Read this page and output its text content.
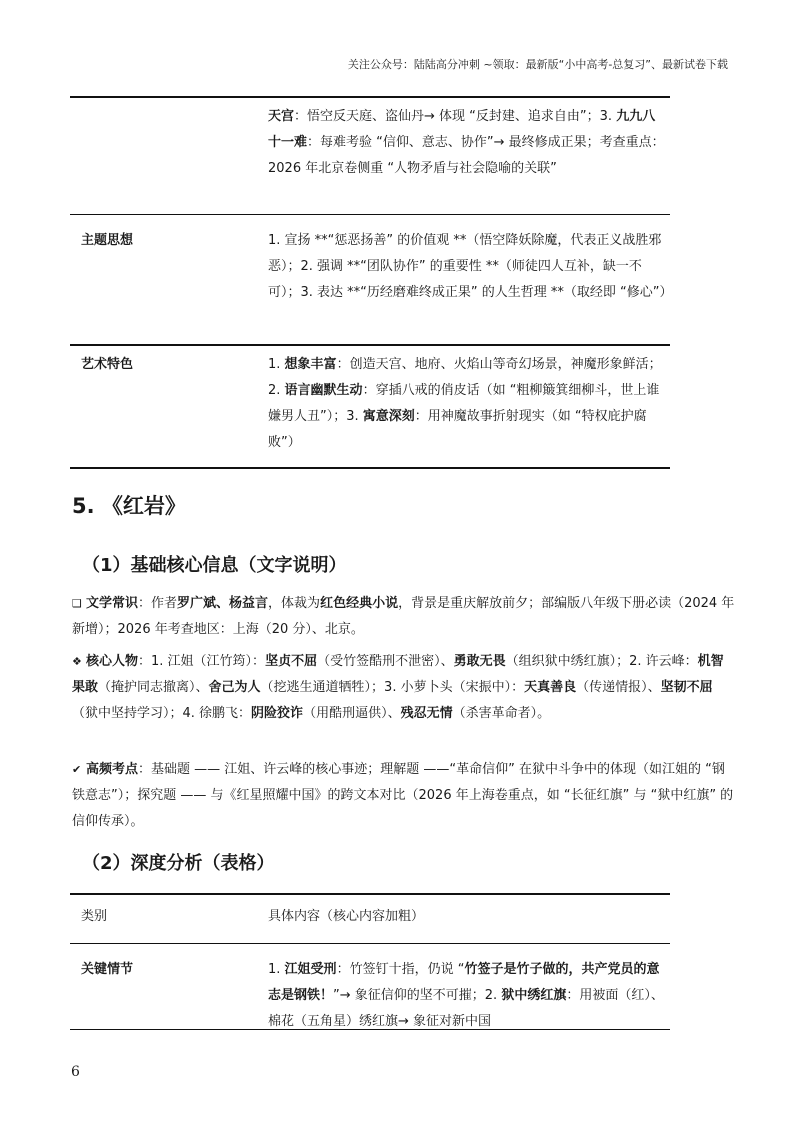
关注公众号：陆陆高分冲刺 ~领取：最新版“小中高考-总复习”、最新试卷下载
天宫：悟空反天庭、盗仙丹→ 体现 “反封建、追求自由”；3. 九九八十一难：每难考验 “信仰、意志、协作”→ 最终修成正果；考查重点：2026 年北京卷侧重 “人物矛盾与社会隐喻的关联”
主题思想	1. 宣扬 **“惩恶扬善” 的价值观 **（悟空降妖除魔，代表正义战胜邪恶）；2. 强调 **“团队协作” 的重要性 **（师徒四人互补，缺一不可）；3. 表达 **“历经磨难终成正果” 的人生哲理 **（取经即 “修心”）
艺术特色	1. 想象丰富：创造天宫、地府、火焰山等奇幻场景，神魔形象鲜活；2. 语言幽默生动：穿插八戒的俏皮话（如 “粗柳簸箕细柳斗，世上谁嫌男人丑”）；3. 寓意深刻：用神魔故事折射现实（如 “特权庇护腐败”）
5. 《红岩》
（1）基础核心信息（文字说明）
❑ 文学常识：作者罗广斌、杨益言，体裁为红色经典小说，背景是重庆解放前夕；部编版八年级下册必读（2024 年新增）；2026 年考查地区：上海（20 分）、北京。
❖ 核心人物：1. 江姐（江竹筠）：坚贞不屈（受竹签酷刑不泄密）、勇敢无畏（组织狱中绣红旗）；2. 许云峰：机智果敢（掩护同志撤离）、舍己为人（挖逃生通道牺牲）；3. 小萝卜头（宋振中）：天真善良（传递情报）、坚韧不屈（狱中坚持学习）；4. 徐鹏飞：阴险狡诈（用酷刑逼供）、残忍无情（杀害革命者）。
✔ 高频考点：基础题 —— 江姐、许云峰的核心事迹；理解题 ——“革命信仰” 在狱中斗争中的体现（如江姐的 “钢铁意志”）；探究题 —— 与《红星照耀中国》的跨文本对比（2026 年上海卷重点，如 “长征红旗” 与 “狱中红旗” 的信仰传承）。
（2）深度分析（表格）
类别	具体内容（核心内容加粗）
关键情节	1. 江姐受刑：竹签钉十指，仍说 “竹签子是竹子做的，共产党员的意志是钢铁！”→ 象征信仰的坚不可摧；2. 狱中绣红旗：用被面（红）、棉花（五角星）绣红旗→ 象征对新中国
6
